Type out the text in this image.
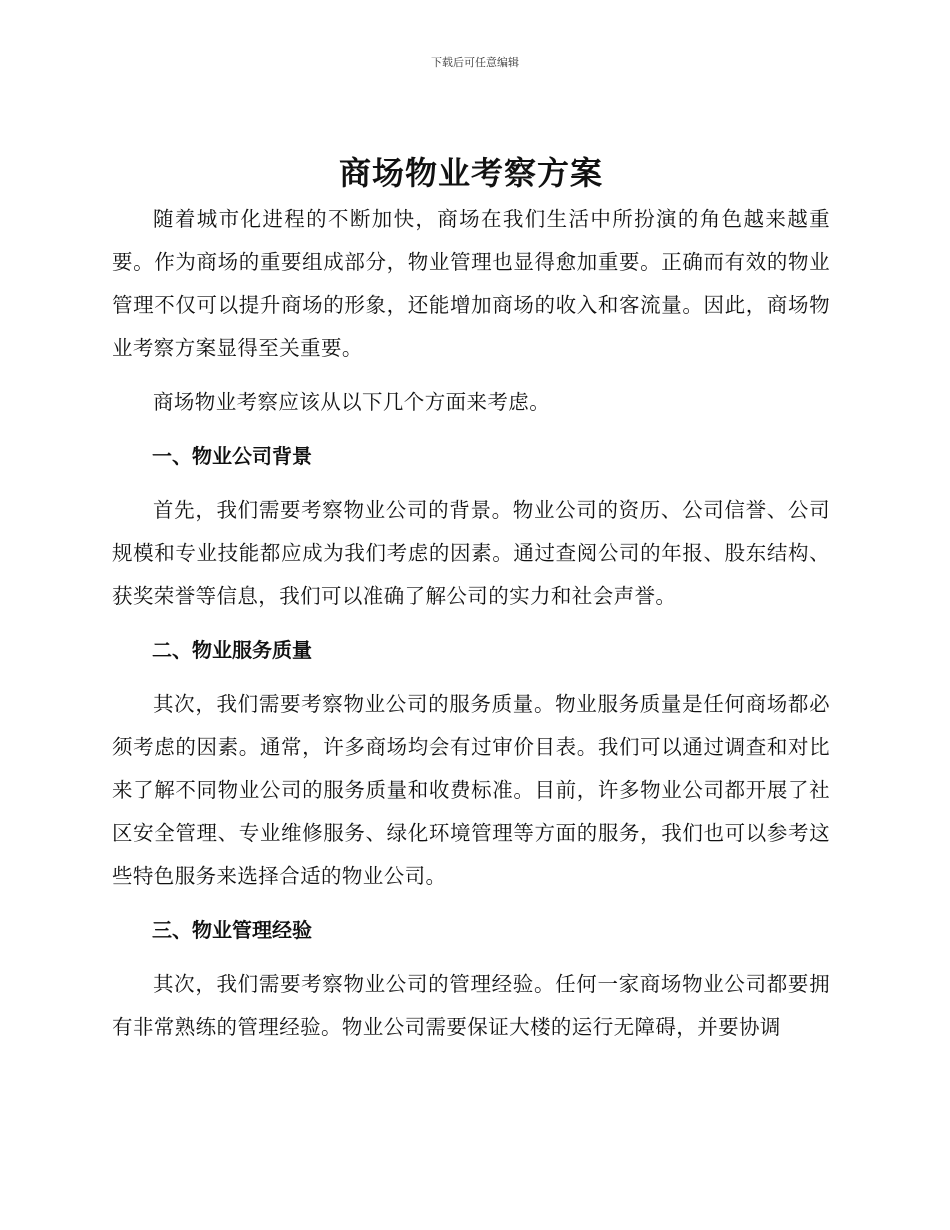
下载后可任意编辑
商场物业考察方案

随着城市化进程的不断加快，商场在我们生活中所扮演的角色越来越重要。作为商场的重要组成部分，物业管理也显得愈加重要。正确而有效的物业管理不仅可以提升商场的形象，还能增加商场的收入和客流量。因此，商场物业考察方案显得至关重要。

商场物业考察应该从以下几个方面来考虑。

一、物业公司背景

首先，我们需要考察物业公司的背景。物业公司的资历、公司信誉、公司规模和专业技能都应成为我们考虑的因素。通过查阅公司的年报、股东结构、获奖荣誉等信息，我们可以准确了解公司的实力和社会声誉。

二、物业服务质量

其次，我们需要考察物业公司的服务质量。物业服务质量是任何商场都必须考虑的因素。通常，许多商场均会有过审价目表。我们可以通过调查和对比来了解不同物业公司的服务质量和收费标准。目前，许多物业公司都开展了社区安全管理、专业维修服务、绿化环境管理等方面的服务，我们也可以参考这些特色服务来选择合适的物业公司。

三、物业管理经验

其次，我们需要考察物业公司的管理经验。任何一家商场物业公司都要拥有非常熟练的管理经验。物业公司需要保证大楼的运行无障碍，并要协调
